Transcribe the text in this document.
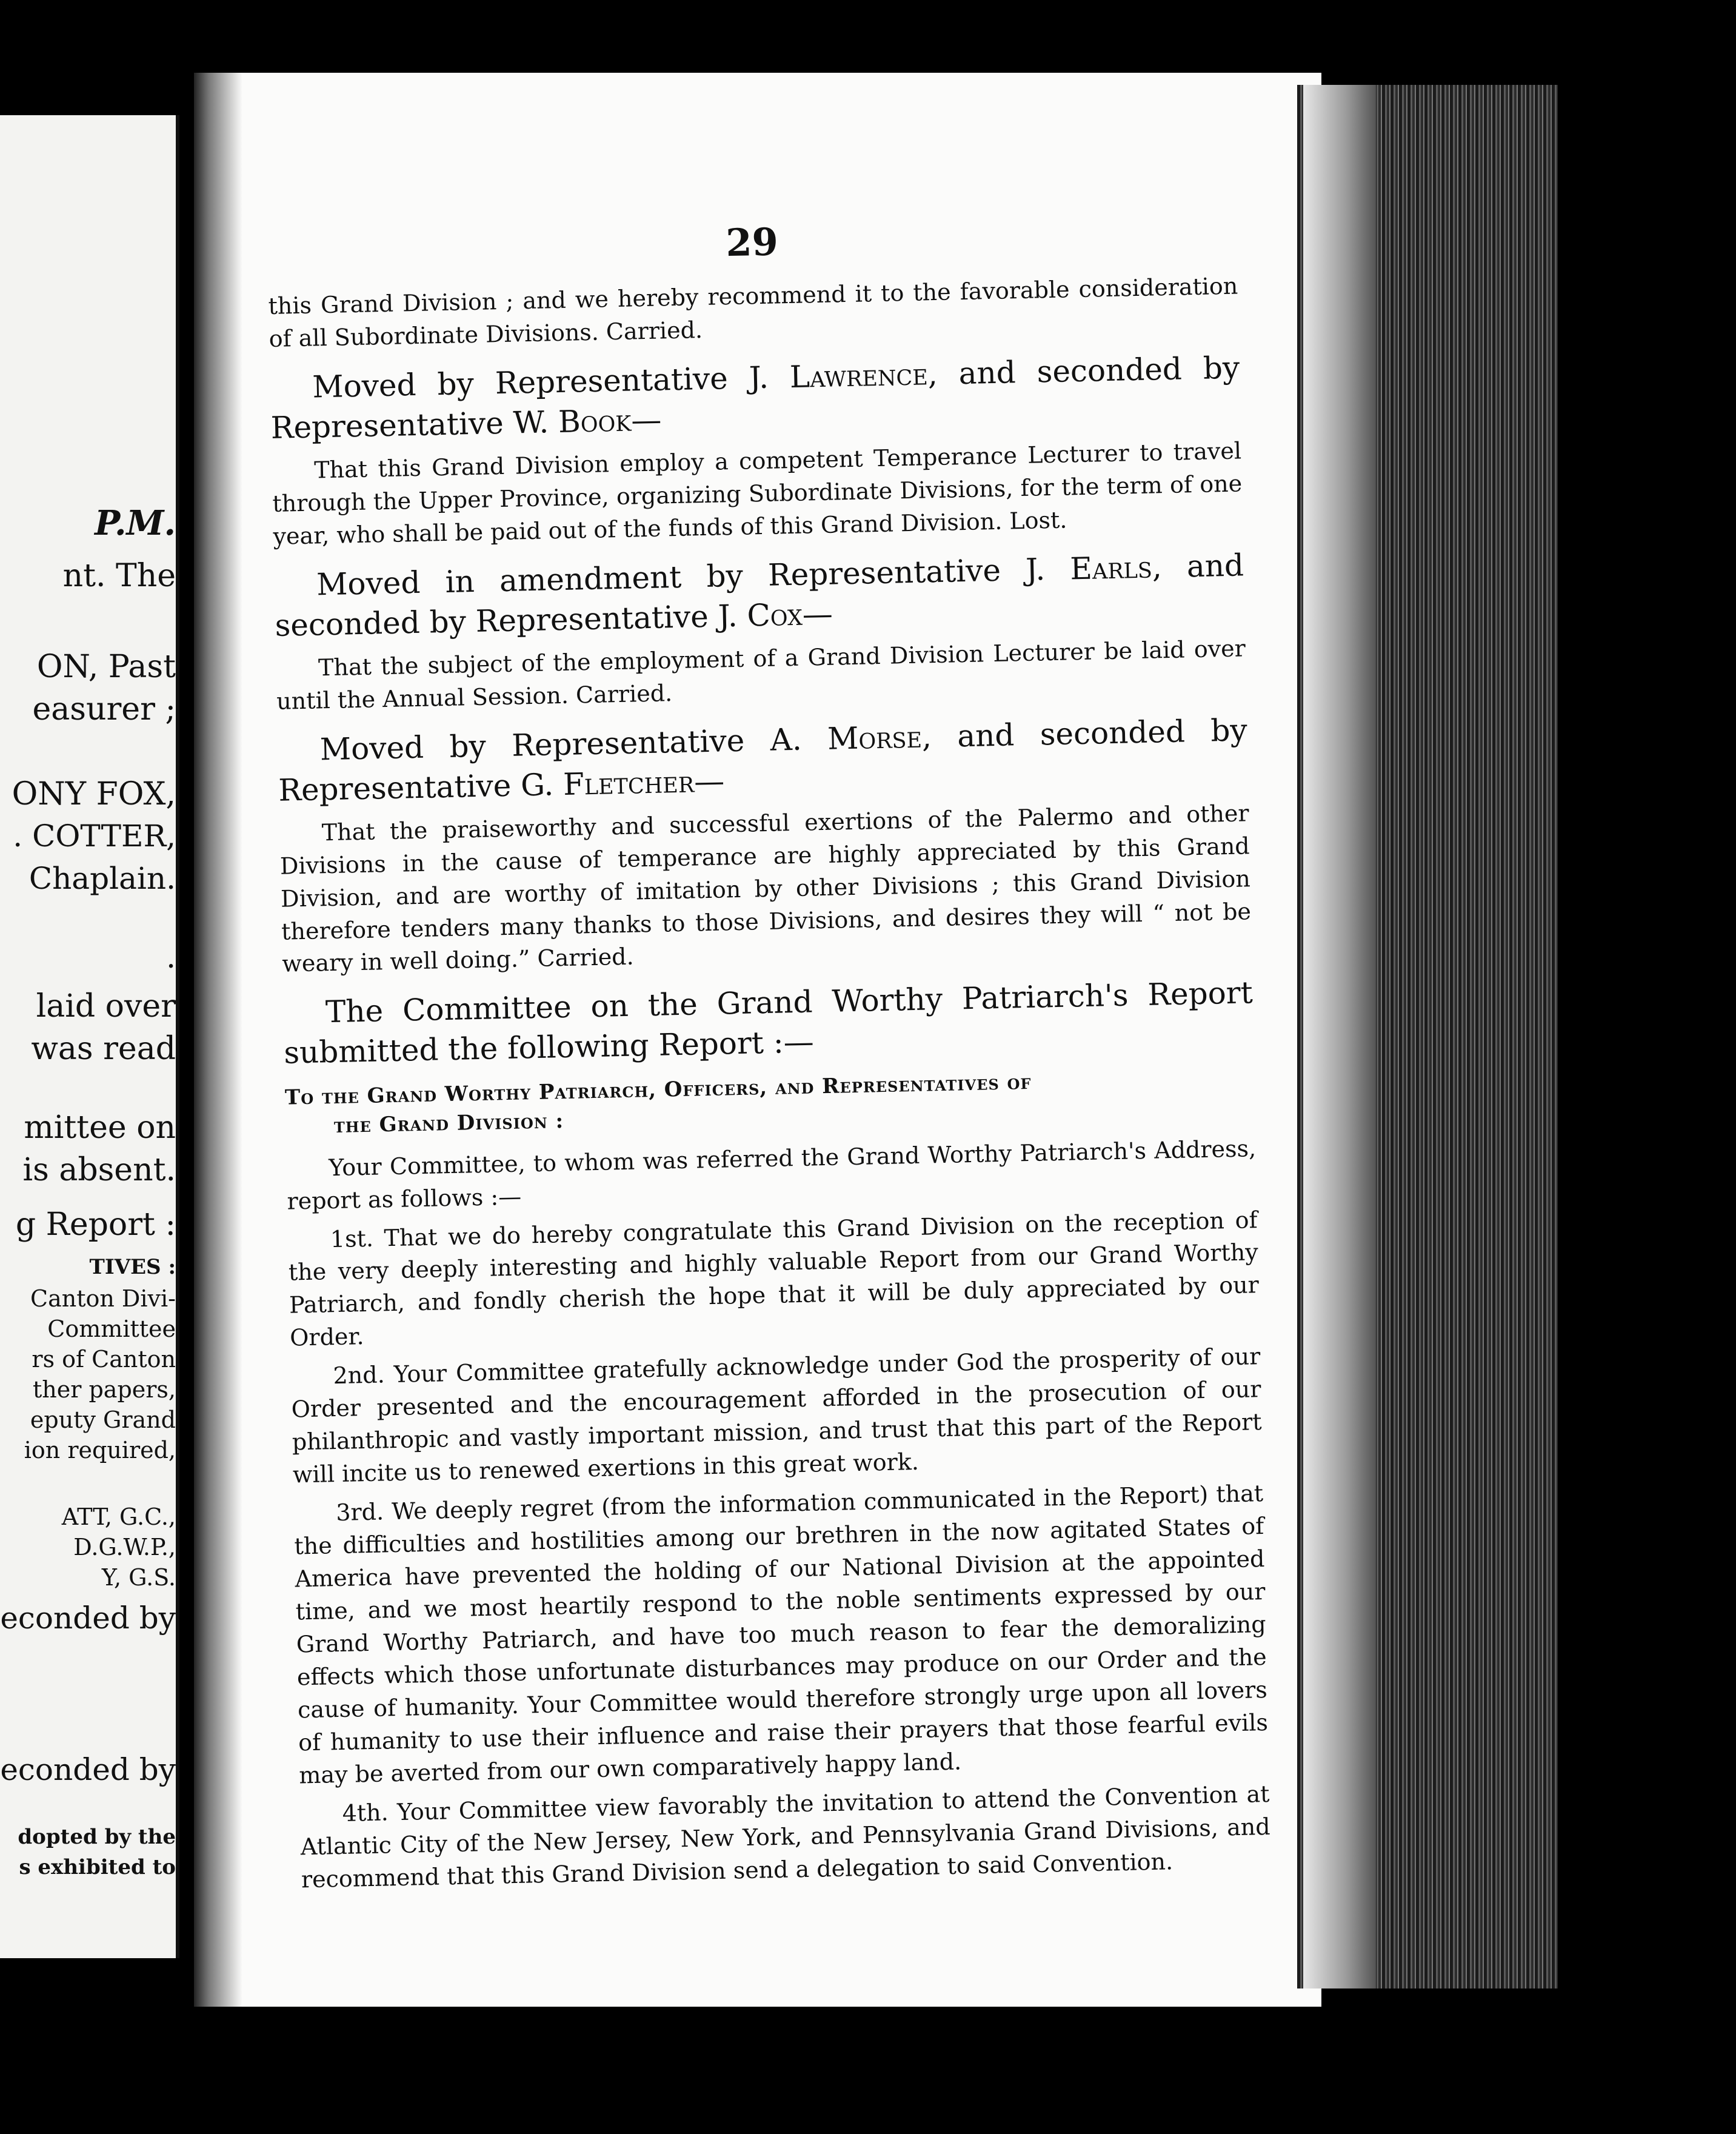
P.M.
nt. The
ON, Past
easurer ;
ONY FOX,
. COTTER,
Chaplain.
.
laid over
was read
mittee on
is absent.
g Report :
TIVES :
Canton Divi-
Committee
rs of Canton
ther papers,
eputy Grand
ion required,
ATT, G.C.,
D.G.W.P.,
Y, G.S.
econded by
econded by
dopted by the
s exhibited to
29

this Grand Division ; and we hereby recommend it to the favorable consideration of all Subordinate Divisions. Carried.

Moved by Representative J. Lawrence, and seconded by Representative W. Book—

That this Grand Division employ a competent Temperance Lecturer to travel through the Upper Province, organizing Subordinate Divisions, for the term of one year, who shall be paid out of the funds of this Grand Division. Lost.

Moved in amendment by Representative J. Earls, and seconded by Representative J. Cox—

That the subject of the employment of a Grand Division Lecturer be laid over until the Annual Session. Carried.

Moved by Representative A. Morse, and seconded by Representative G. Fletcher—

That the praiseworthy and successful exertions of the Palermo and other Divisions in the cause of temperance are highly appreciated by this Grand Division, and are worthy of imitation by other Divisions ; this Grand Division therefore tenders many thanks to those Divisions, and desires they will “ not be weary in well doing.” Carried.

The Committee on the Grand Worthy Patriarch's Report submitted the following Report :—

To the Grand Worthy Patriarch, Officers, and Representatives of
the Grand Division :

Your Committee, to whom was referred the Grand Worthy Patriarch's Address, report as follows :—

1st. That we do hereby congratulate this Grand Division on the reception of the very deeply interesting and highly valuable Report from our Grand Worthy Patriarch, and fondly cherish the hope that it will be duly appreciated by our Order.

2nd. Your Committee gratefully acknowledge under God the prosperity of our Order presented and the encouragement afforded in the prosecution of our philanthropic and vastly important mission, and trust that this part of the Report will incite us to renewed exertions in this great work.

3rd. We deeply regret (from the information communicated in the Report) that the difficulties and hostilities among our brethren in the now agitated States of America have prevented the holding of our National Division at the appointed time, and we most heartily respond to the noble sentiments expressed by our Grand Worthy Patriarch, and have too much reason to fear the demoralizing effects which those unfortunate disturbances may produce on our Order and the cause of humanity. Your Committee would therefore strongly urge upon all lovers of humanity to use their influence and raise their prayers that those fearful evils may be averted from our own comparatively happy land.

4th. Your Committee view favorably the invitation to attend the Convention at Atlantic City of the New Jersey, New York, and Pennsylvania Grand Divisions, and recommend that this Grand Division send a delegation to said Convention.
